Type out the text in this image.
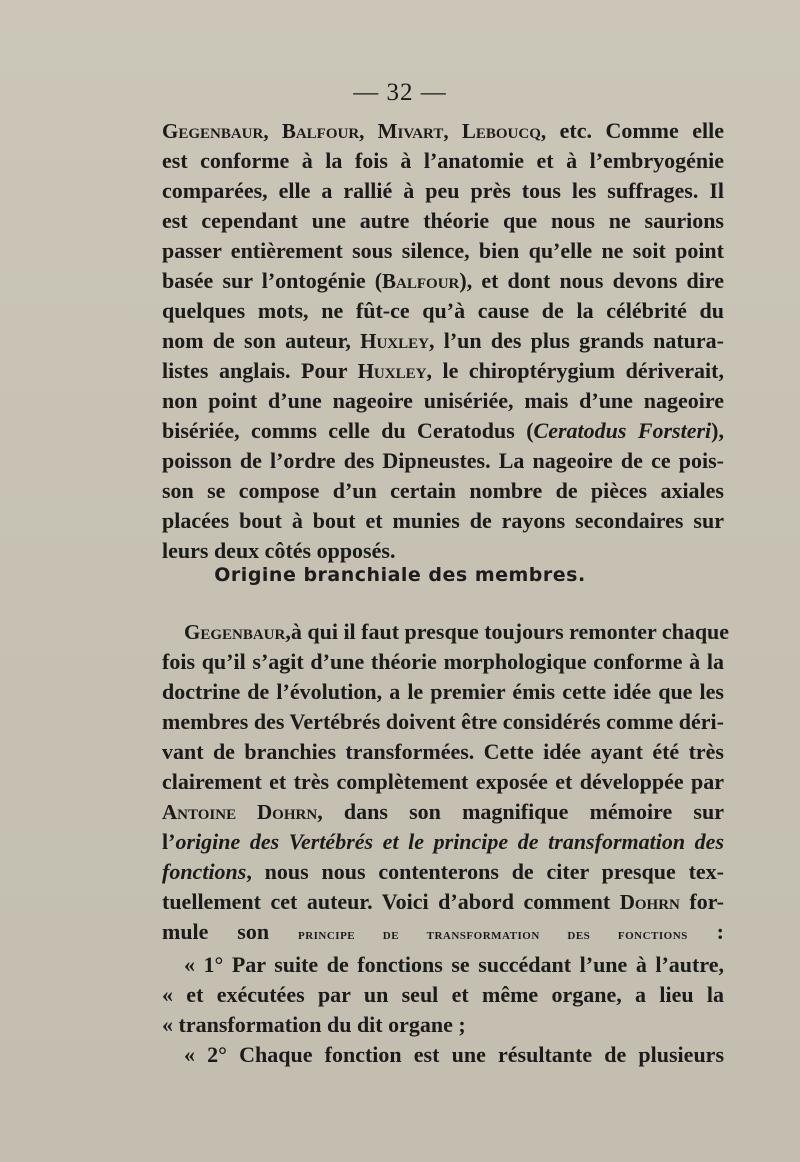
— 32 —
Gegenbaur, Balfour, Mivart, Leboucq, etc. Comme elle
est conforme à la fois à l’anatomie et à l’embryogénie
comparées, elle a rallié à peu près tous les suffrages. Il
est cependant une autre théorie que nous ne saurions
passer entièrement sous silence, bien qu’elle ne soit point
basée sur l’ontogénie (Balfour), et dont nous devons dire
quelques mots, ne fût-ce qu’à cause de la célébrité du
nom de son auteur, Huxley, l’un des plus grands natura-
listes anglais. Pour Huxley, le chiroptérygium dériverait,
non point d’une nageoire unisériée, mais d’une nageoire
bisériée, comms celle du Ceratodus (Ceratodus Forsteri),
poisson de l’ordre des Dipneustes. La nageoire de ce pois-
son se compose d’un certain nombre de pièces axiales
placées bout à bout et munies de rayons secondaires sur
leurs deux côtés opposés.
Origine branchiale des membres.
Gegenbaur,à qui il faut presque toujours remonter chaque
fois qu’il s’agit d’une théorie morphologique conforme à la
doctrine de l’évolution, a le premier émis cette idée que les
membres des Vertébrés doivent être considérés comme déri-
vant de branchies transformées. Cette idée ayant été très
clairement et très complètement exposée et développée par
Antoine Dohrn, dans son magnifique mémoire sur
l’origine des Vertébrés et le principe de transformation des
fonctions, nous nous contenterons de citer presque tex-
tuellement cet auteur. Voici d’abord comment Dohrn for-
mule son principe de transformation des fonctions :
« 1° Par suite de fonctions se succédant l’une à l’autre,
« et exécutées par un seul et même organe, a lieu la
« transformation du dit organe ;
« 2° Chaque fonction est une résultante de plusieurs
